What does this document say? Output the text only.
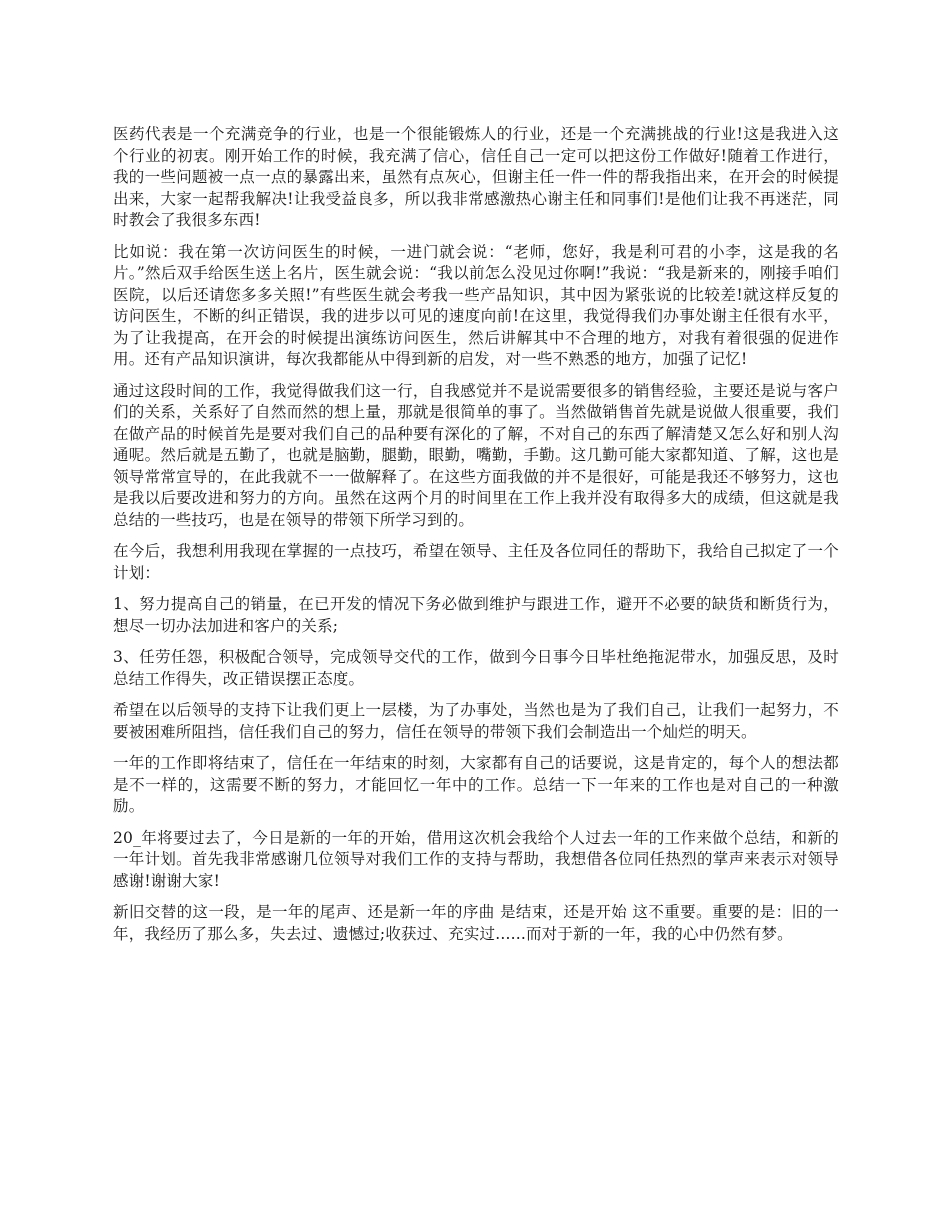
医药代表是一个充满竞争的行业，也是一个很能锻炼人的行业，还是一个充满挑战的行业!这是我进入这个行业的初衷。刚开始工作的时候，我充满了信心，信任自己一定可以把这份工作做好!随着工作进行，我的一些问题被一点一点的暴露出来，虽然有点灰心，但谢主任一件一件的帮我指出来，在开会的时候提出来，大家一起帮我解决!让我受益良多，所以我非常感激热心谢主任和同事们!是他们让我不再迷茫，同时教会了我很多东西!

比如说：我在第一次访问医生的时候，一进门就会说：“老师，您好，我是利可君的小李，这是我的名片。”然后双手给医生送上名片，医生就会说：“我以前怎么没见过你啊!”我说：“我是新来的，刚接手咱们医院，以后还请您多多关照!”有些医生就会考我一些产品知识，其中因为紧张说的比较差!就这样反复的访问医生，不断的纠正错误，我的进步以可见的速度向前!在这里，我觉得我们办事处谢主任很有水平，为了让我提高，在开会的时候提出演练访问医生，然后讲解其中不合理的地方，对我有着很强的促进作用。还有产品知识演讲，每次我都能从中得到新的启发，对一些不熟悉的地方，加强了记忆!

通过这段时间的工作，我觉得做我们这一行，自我感觉并不是说需要很多的销售经验，主要还是说与客户们的关系，关系好了自然而然的想上量，那就是很简单的事了。当然做销售首先就是说做人很重要，我们在做产品的时候首先是要对我们自己的品种要有深化的了解，不对自己的东西了解清楚又怎么好和别人沟通呢。然后就是五勤了，也就是脑勤，腿勤，眼勤，嘴勤，手勤。这几勤可能大家都知道、了解，这也是领导常常宣导的，在此我就不一一做解释了。在这些方面我做的并不是很好，可能是我还不够努力，这也是我以后要改进和努力的方向。虽然在这两个月的时间里在工作上我并没有取得多大的成绩，但这就是我总结的一些技巧，也是在领导的带领下所学习到的。

在今后，我想利用我现在掌握的一点技巧，希望在领导、主任及各位同任的帮助下，我给自己拟定了一个计划：

1、努力提高自己的销量，在已开发的情况下务必做到维护与跟进工作，避开不必要的缺货和断货行为，想尽一切办法加进和客户的关系;

3、任劳任怨，积极配合领导，完成领导交代的工作，做到今日事今日毕杜绝拖泥带水，加强反思，及时总结工作得失，改正错误摆正态度。

希望在以后领导的支持下让我们更上一层楼，为了办事处，当然也是为了我们自己，让我们一起努力，不要被困难所阻挡，信任我们自己的努力，信任在领导的带领下我们会制造出一个灿烂的明天。

一年的工作即将结束了，信任在一年结束的时刻，大家都有自己的话要说，这是肯定的，每个人的想法都是不一样的，这需要不断的努力，才能回忆一年中的工作。总结一下一年来的工作也是对自己的一种激励。

20_年将要过去了，今日是新的一年的开始，借用这次机会我给个人过去一年的工作来做个总结，和新的一年计划。首先我非常感谢几位领导对我们工作的支持与帮助，我想借各位同任热烈的掌声来表示对领导感谢!谢谢大家!

新旧交替的这一段，是一年的尾声、还是新一年的序曲 是结束，还是开始 这不重要。重要的是：旧的一年，我经历了那么多，失去过、遗憾过;收获过、充实过......而对于新的一年，我的心中仍然有梦。
